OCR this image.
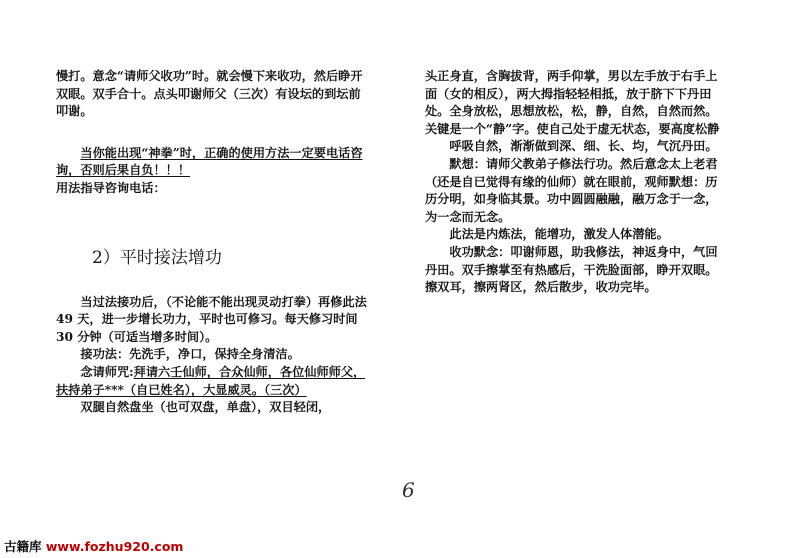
慢打。意念“请师父收功”时。就会慢下来收功，然后睁开双眼。双手合十。点头叩谢师父（三次）有设坛的到坛前叩谢。

当你能出现“神拳”时，正确的使用方法一定要电话咨询，否则后果自负！！！

用法指导咨询电话：

2）平时接法增功

当过法接功后，（不论能不能出现灵动打拳）再修此法 49 天，进一步增长功力，平时也可修习。每天修习时间 30 分钟（可适当增多时间）。

接功法：先洗手，净口，保持全身清洁。

念请师咒:拜请六壬仙师，合众仙师，各位仙师师父，扶持弟子***（自已姓名），大显威灵。（三次）

双腿自然盘坐（也可双盘，单盘），双目轻闭，

头正身直，含胸拔背，两手仰掌，男以左手放于右手上面（女的相反），两大拇指轻轻相抵，放于脐下下丹田处。全身放松，思想放松，松，静，自然，自然而然。关键是一个“静”字。使自己处于虚无状态，要高度松静

呼吸自然，渐渐做到深、细、长、均，气沉丹田。

默想：请师父教弟子修法行功。然后意念太上老君（还是自已觉得有缘的仙师）就在眼前，观师默想：历历分明，如身临其景。功中圆圆融融，融万念于一念，为一念而无念。

此法是内炼法，能增功，激发人体潜能。

收功默念：叩谢师恩，助我修法，神返身中，气回丹田。双手擦掌至有热感后，干洗脸面部，睁开双眼。擦双耳，擦两肾区，然后散步，收功完毕。

6
古籍库 www.fozhu920.com
